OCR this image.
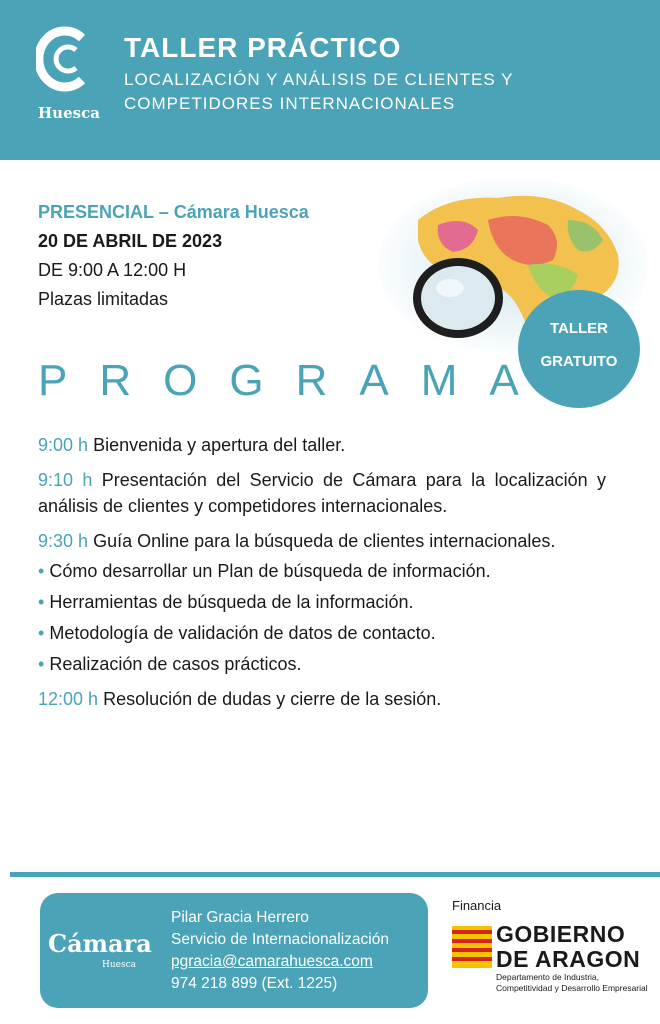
Huesca
TALLER PRÁCTICO
LOCALIZACIÓN Y ANÁLISIS DE CLIENTES Y COMPETIDORES INTERNACIONALES
PRESENCIAL – Cámara Huesca
20 DE ABRIL DE 2023
DE 9:00 A 12:00 H
Plazas limitadas
TALLER
GRATUITO
PROGRAMA
9:00 h Bienvenida y apertura del taller.
9:10 h Presentación del Servicio de Cámara para la localización y análisis de clientes y competidores internacionales.
9:30 h Guía Online para la búsqueda de clientes internacionales.
• Cómo desarrollar un Plan de búsqueda de información.
• Herramientas de búsqueda de la información.
• Metodología de validación de datos de contacto.
• Realización de casos prácticos.
12:00 h Resolución de dudas y cierre de la sesión.
Cámara
Huesca
Pilar Gracia Herrero
Servicio de Internacionalización
pgracia@camarahuesca.com
974 218 899 (Ext. 1225)
Financia
GOBIERNO
DE ARAGON
Departamento de Industria,
Competitividad y Desarrollo Empresarial
